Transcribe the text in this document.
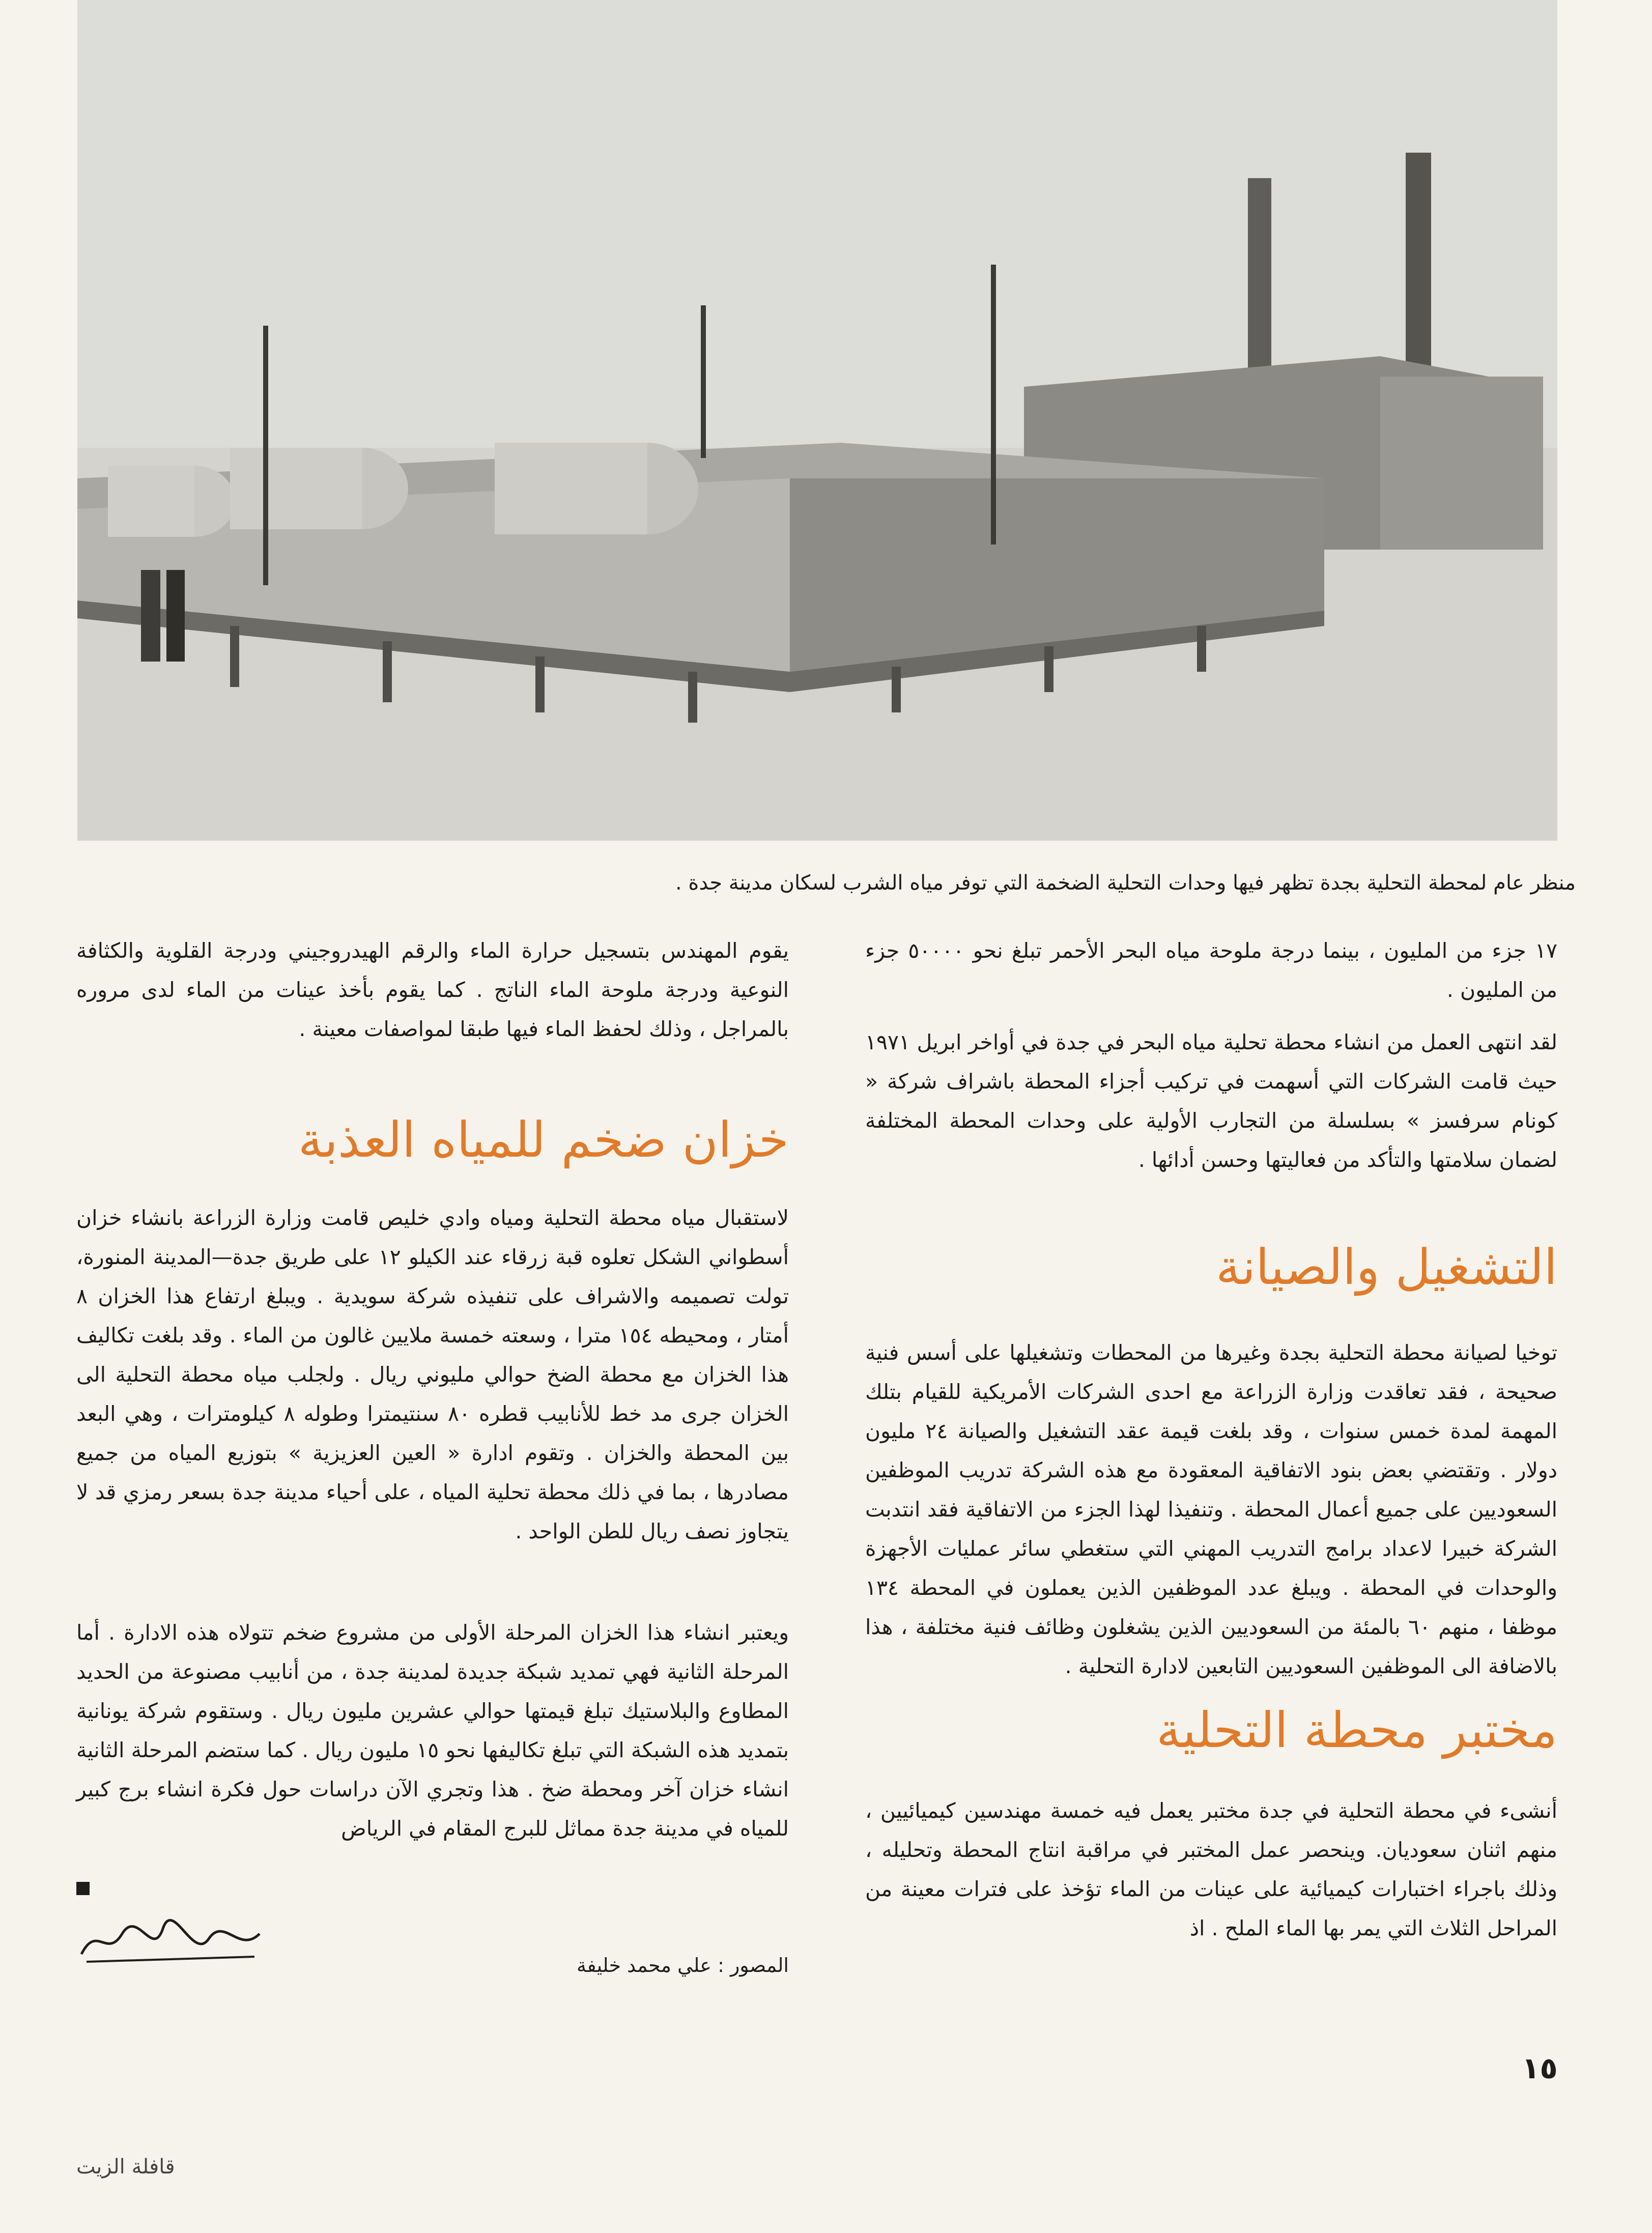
منظر عام لمحطة التحلية بجدة تظهر فيها وحدات التحلية الضخمة التي توفر مياه الشرب لسكان مدينة جدة .

١٧ جزء من المليون ، بينما درجة ملوحة مياه البحر الأحمر تبلغ نحو ٥٠٠٠٠ جزء من المليون .

لقد انتهى العمل من انشاء محطة تحلية مياه البحر في جدة في أواخر ابريل ١٩٧١ حيث قامت الشركات التي أسهمت في تركيب أجزاء المحطة باشراف شركة « كونام سرفسز » بسلسلة من التجارب الأولية على وحدات المحطة المختلفة لضمان سلامتها والتأكد من فعاليتها وحسن أدائها .

التشغيل والصيانة

توخيا لصيانة محطة التحلية بجدة وغيرها من المحطات وتشغيلها على أسس فنية صحيحة ، فقد تعاقدت وزارة الزراعة مع احدى الشركات الأمريكية للقيام بتلك المهمة لمدة خمس سنوات ، وقد بلغت قيمة عقد التشغيل والصيانة ٢٤ مليون دولار . وتقتضي بعض بنود الاتفاقية المعقودة مع هذه الشركة تدريب الموظفين السعوديين على جميع أعمال المحطة . وتنفيذا لهذا الجزء من الاتفاقية فقد انتدبت الشركة خبيرا لاعداد برامج التدريب المهني التي ستغطي سائر عمليات الأجهزة والوحدات في المحطة . ويبلغ عدد الموظفين الذين يعملون في المحطة ١٣٤ موظفا ، منهم ٦٠ بالمئة من السعوديين الذين يشغلون وظائف فنية مختلفة ، هذا بالاضافة الى الموظفين السعوديين التابعين لادارة التحلية .

مختبر محطة التحلية

أنشىء في محطة التحلية في جدة مختبر يعمل فيه خمسة مهندسين كيميائيين ، منهم اثنان سعوديان. وينحصر عمل المختبر في مراقبة انتاج المحطة وتحليله ، وذلك باجراء اختبارات كيميائية على عينات من الماء تؤخذ على فترات معينة من المراحل الثلاث التي يمر بها الماء الملح . اذ

١٥

يقوم المهندس بتسجيل حرارة الماء والرقم الهيدروجيني ودرجة القلوية والكثافة النوعية ودرجة ملوحة الماء الناتج . كما يقوم بأخذ عينات من الماء لدى مروره بالمراجل ، وذلك لحفظ الماء فيها طبقا لمواصفات معينة .

خزان ضخم للمياه العذبة

لاستقبال مياه محطة التحلية ومياه وادي خليص قامت وزارة الزراعة بانشاء خزان أسطواني الشكل تعلوه قبة زرقاء عند الكيلو ١٢ على طريق جدة—المدينة المنورة، تولت تصميمه والاشراف على تنفيذه شركة سويدية . ويبلغ ارتفاع هذا الخزان ٨ أمتار ، ومحيطه ١٥٤ مترا ، وسعته خمسة ملايين غالون من الماء . وقد بلغت تكاليف هذا الخزان مع محطة الضخ حوالي مليوني ريال . ولجلب مياه محطة التحلية الى الخزان جرى مد خط للأنابيب قطره ٨٠ سنتيمترا وطوله ٨ كيلومترات ، وهي البعد بين المحطة والخزان . وتقوم ادارة « العين العزيزية » بتوزيع المياه من جميع مصادرها ، بما في ذلك محطة تحلية المياه ، على أحياء مدينة جدة بسعر رمزي قد لا يتجاوز نصف ريال للطن الواحد .

ويعتبر انشاء هذا الخزان المرحلة الأولى من مشروع ضخم تتولاه هذه الادارة . أما المرحلة الثانية فهي تمديد شبكة جديدة لمدينة جدة ، من أنابيب مصنوعة من الحديد المطاوع والبلاستيك تبلغ قيمتها حوالي عشرين مليون ريال . وستقوم شركة يونانية بتمديد هذه الشبكة التي تبلغ تكاليفها نحو ١٥ مليون ريال . كما ستضم المرحلة الثانية انشاء خزان آخر ومحطة ضخ . هذا وتجري الآن دراسات حول فكرة انشاء برج كبير للمياه في مدينة جدة مماثل للبرج المقام في الرياض

المصور : علي محمد خليفة
قافلة الزيت
